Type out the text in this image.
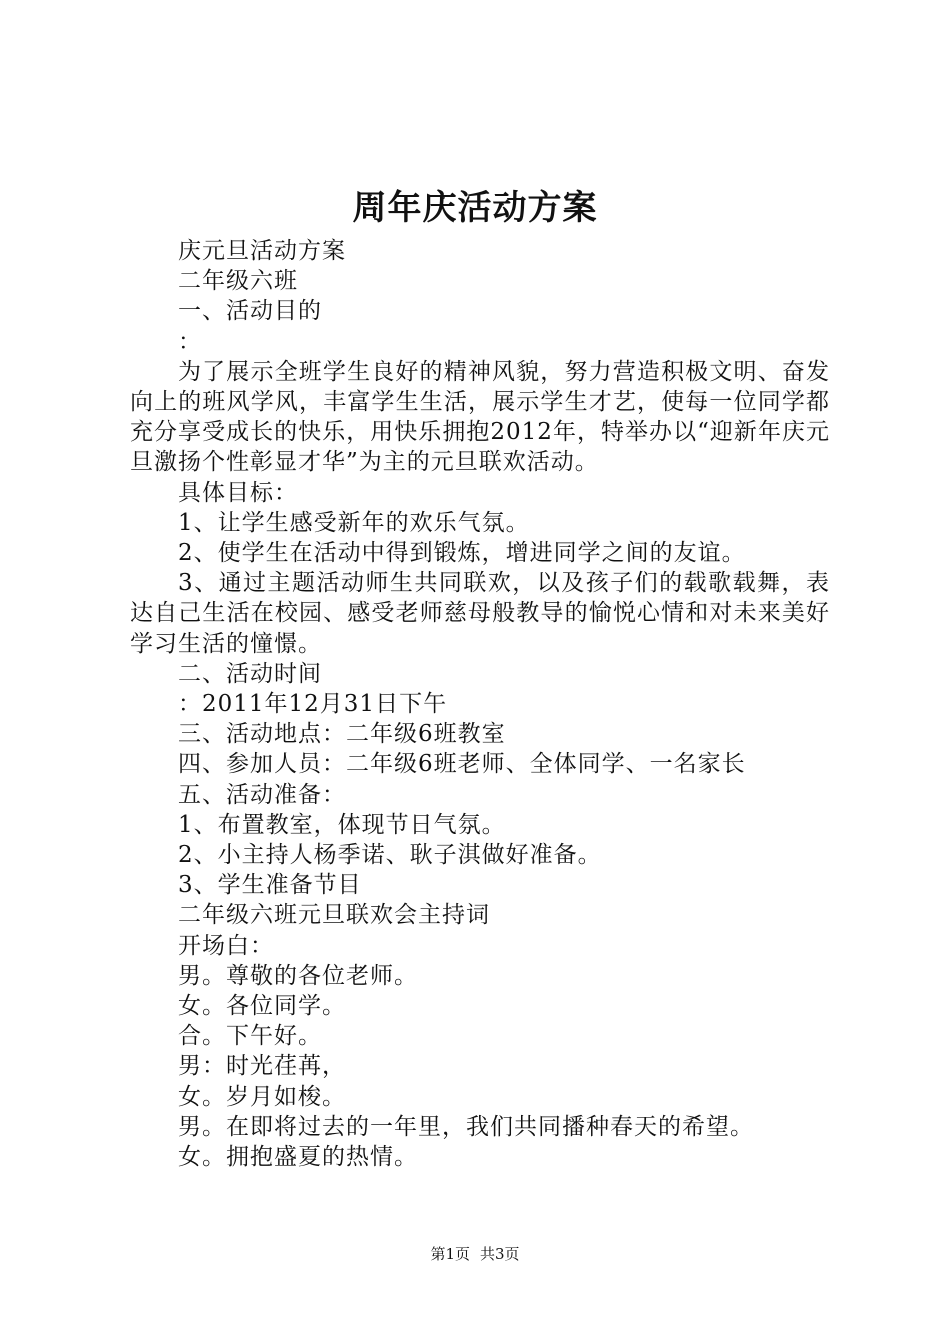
周年庆活动方案

庆元旦活动方案

二年级六班

一、活动目的

：

为了展示全班学生良好的精神风貌，努力营造积极文明、奋发向上的班风学风，丰富学生生活，展示学生才艺，使每一位同学都充分享受成长的快乐，用快乐拥抱2012年，特举办以“迎新年庆元旦激扬个性彰显才华”为主的元旦联欢活动。

具体目标：

1、让学生感受新年的欢乐气氛。

2、使学生在活动中得到锻炼，增进同学之间的友谊。

3、通过主题活动师生共同联欢，以及孩子们的载歌载舞，表达自己生活在校园、感受老师慈母般教导的愉悦心情和对未来美好学习生活的憧憬。

二、活动时间

：2011年12月31日下午

三、活动地点：二年级6班教室

四、参加人员：二年级6班老师、全体同学、一名家长

五、活动准备：

1、布置教室，体现节日气氛。

2、小主持人杨季诺、耿子淇做好准备。

3、学生准备节目

二年级六班元旦联欢会主持词

开场白：

男。尊敬的各位老师。

女。各位同学。

合。下午好。

男：时光荏苒，

女。岁月如梭。

男。在即将过去的一年里，我们共同播种春天的希望。

女。拥抱盛夏的热情。

第1页 共3页
